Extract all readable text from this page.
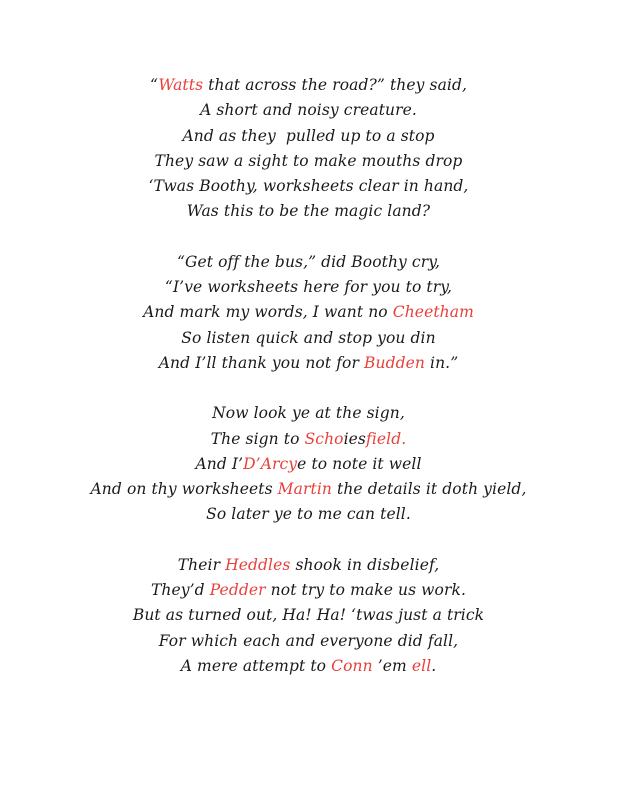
“Watts that across the road?” they said,
A short and noisy creature.
And as they  pulled up to a stop
They saw a sight to make mouths drop
‘Twas Boothy, worksheets clear in hand,
Was this to be the magic land?
“Get off the bus,” did Boothy cry,
“I’ve worksheets here for you to try,
And mark my words, I want no Cheetham
So listen quick and stop you din
And I’ll thank you not for Budden in.”
Now look ye at the sign,
The sign to Schoiesfield.
And I’D’Arcye to note it well
And on thy worksheets Martin the details it doth yield,
So later ye to me can tell.
Their Heddles shook in disbelief,
They’d Pedder not try to make us work.
But as turned out, Ha! Ha! ‘twas just a trick
For which each and everyone did fall,
A mere attempt to Conn ’em ell.
